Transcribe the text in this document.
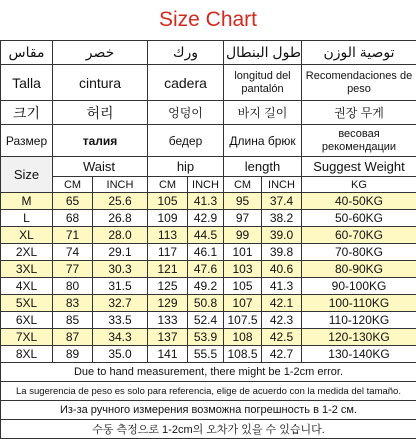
Size Chart
مقاس	خصر		ورك		طول البنطال		توصية الوزن
Talla	cintura		cadera		longitud del pantalón		Recomendaciones de peso
크기	허리		엉덩이		바지 길이		권장 무게
Размер	талия		бедер		Длина брюк		весовая рекомендации
Size	Waist		hip		length		Suggest Weight
	CM	INCH	CM	INCH	CM	INCH	KG
M	65	25.6	105	41.3	95	37.4	40-50KG
L	68	26.8	109	42.9	97	38.2	50-60KG
XL	71	28.0	113	44.5	99	39.0	60-70KG
2XL	74	29.1	117	46.1	101	39.8	70-80KG
3XL	77	30.3	121	47.6	103	40.6	80-90KG
4XL	80	31.5	125	49.2	105	41.3	90-100KG
5XL	83	32.7	129	50.8	107	42.1	100-110KG
6XL	85	33.5	133	52.4	107.5	42.3	110-120KG
7XL	87	34.3	137	53.9	108	42.5	120-130KG
8XL	89	35.0	141	55.5	108.5	42.7	130-140KG
Due to hand measurement, there might be 1-2cm error.							
La sugerencia de peso es solo para referencia, elige de acuerdo con la medida del tamaño.							
Из-за ручного измерения возможна погрешность в 1-2 см.							
수동 측정으로 1-2cm의 오차가 있을 수 있습니다.							
